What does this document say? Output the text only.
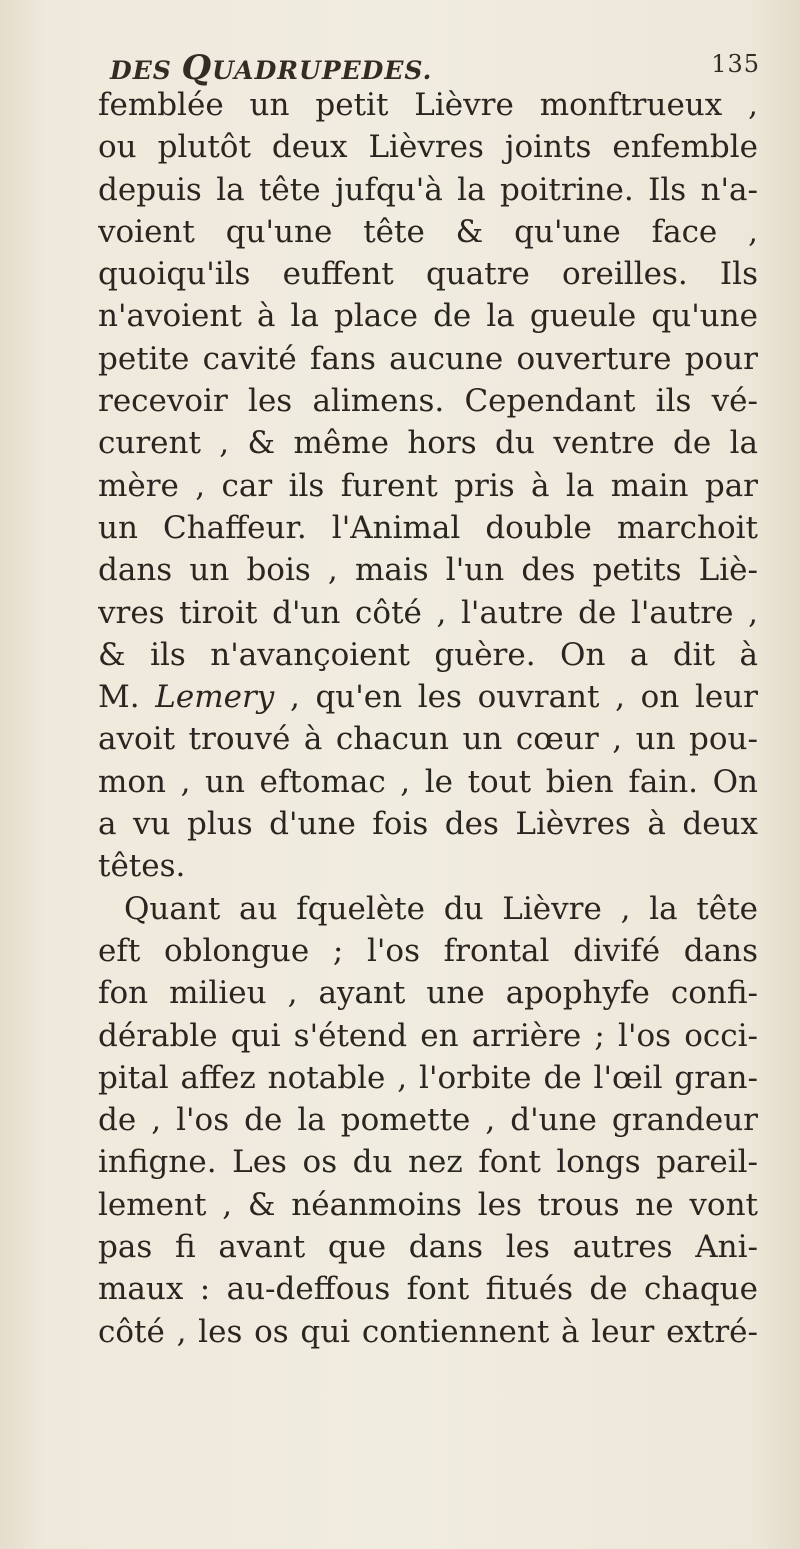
DES QUADRUPEDES.	135
femblée un petit Lièvre monftrueux ,
ou plutôt deux Lièvres joints enfemble
depuis la tête jufqu'à la poitrine. Ils n'a-
voient qu'une tête & qu'une face ,
quoiqu'ils euffent quatre oreilles. Ils
n'avoient à la place de la gueule qu'une
petite cavité fans aucune ouverture pour
recevoir les alimens. Cependant ils vé-
curent , & même hors du ventre de la
mère , car ils furent pris à la main par
un Chaffeur. l'Animal double marchoit
dans un bois , mais l'un des petits Liè-
vres tiroit d'un côté , l'autre de l'autre ,
& ils n'avançoient guère. On a dit à
M. Lemery , qu'en les ouvrant , on leur
avoit trouvé à chacun un cœur , un pou-
mon , un eftomac , le tout bien fain. On
a vu plus d'une fois des Lièvres à deux
têtes.
Quant au fquelète du Lièvre , la tête
eft oblongue ; l'os frontal divifé dans
fon milieu , ayant une apophyfe confi-
dérable qui s'étend en arrière ; l'os occi-
pital affez notable , l'orbite de l'œil gran-
de , l'os de la pomette , d'une grandeur
infigne. Les os du nez font longs pareil-
lement , & néanmoins les trous ne vont
pas fi avant que dans les autres Ani-
maux : au-deffous font fitués de chaque
côté , les os qui contiennent à leur extré-
